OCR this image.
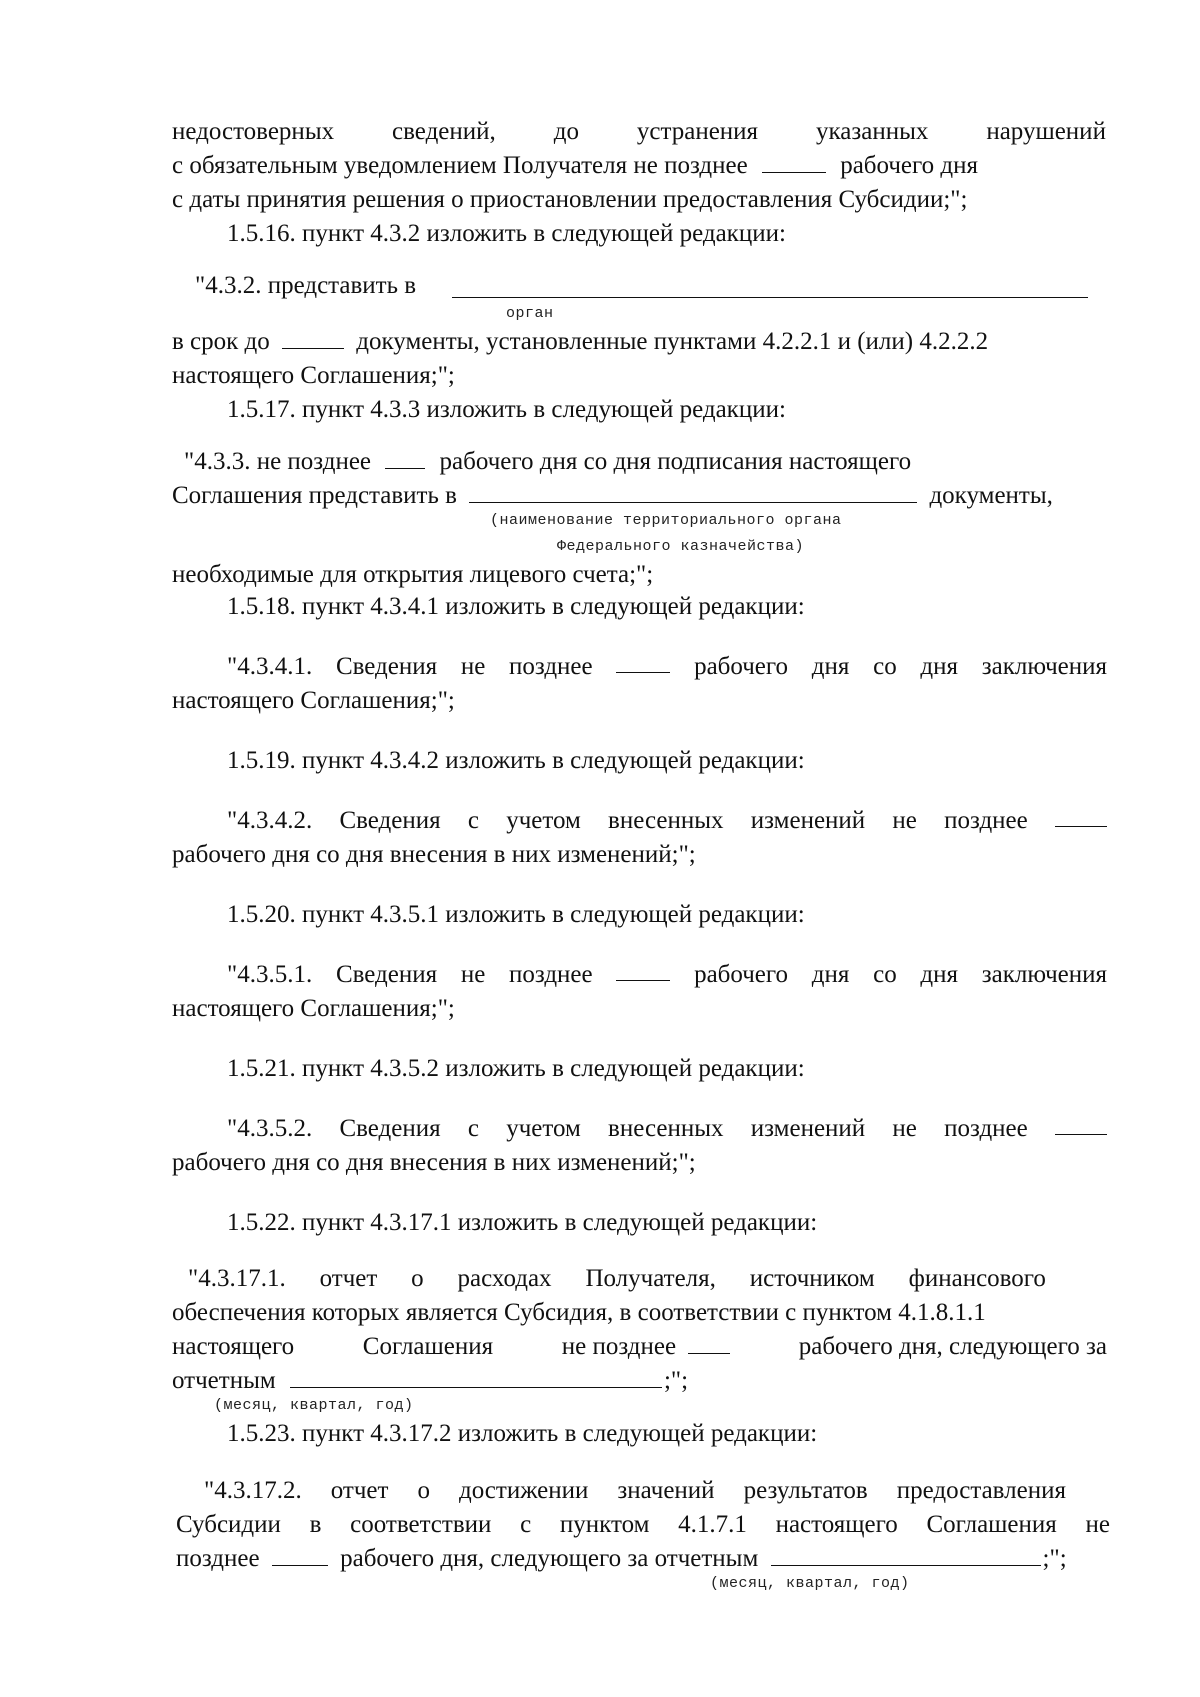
недостоверных сведений, до устранения указанных нарушений
с обязательным уведомлением Получателя не позднее	рабочего дня
с даты принятия решения о приостановлении предоставления Субсидии;";
1.5.16. пункт 4.3.2 изложить в следующей редакции:
"4.3.2. представить в
орган
в срок до	документы, установленные пунктами 4.2.2.1 и (или) 4.2.2.2
настоящего Соглашения;";
1.5.17. пункт 4.3.3 изложить в следующей редакции:
"4.3.3. не позднее	рабочего дня со дня подписания настоящего
Соглашения представить в	документы,
(наименование территориального органа
Федерального казначейства)
необходимые для открытия лицевого счета;";
1.5.18. пункт 4.3.4.1 изложить в следующей редакции:
"4.3.4.1. Сведения не позднее	рабочего дня со дня заключения
настоящего Соглашения;";
1.5.19. пункт 4.3.4.2 изложить в следующей редакции:
"4.3.4.2. Сведения с учетом внесенных изменений не позднее
рабочего дня со дня внесения в них изменений;";
1.5.20. пункт 4.3.5.1 изложить в следующей редакции:
"4.3.5.1. Сведения не позднее	рабочего дня со дня заключения
настоящего Соглашения;";
1.5.21. пункт 4.3.5.2 изложить в следующей редакции:
"4.3.5.2. Сведения с учетом внесенных изменений не позднее
рабочего дня со дня внесения в них изменений;";
1.5.22. пункт 4.3.17.1 изложить в следующей редакции:
"4.3.17.1. отчет о расходах Получателя, источником финансового
обеспечения которых является Субсидия, в соответствии с пунктом 4.1.8.1.1
настоящего	Соглашения	не позднее	рабочего дня, следующего за
отчетным	;";
(месяц, квартал, год)
1.5.23. пункт 4.3.17.2 изложить в следующей редакции:
"4.3.17.2. отчет о достижении значений результатов предоставления
Субсидии в соответствии с пунктом 4.1.7.1 настоящего Соглашения не
позднее	рабочего дня, следующего за отчетным	;";
(месяц, квартал, год)
